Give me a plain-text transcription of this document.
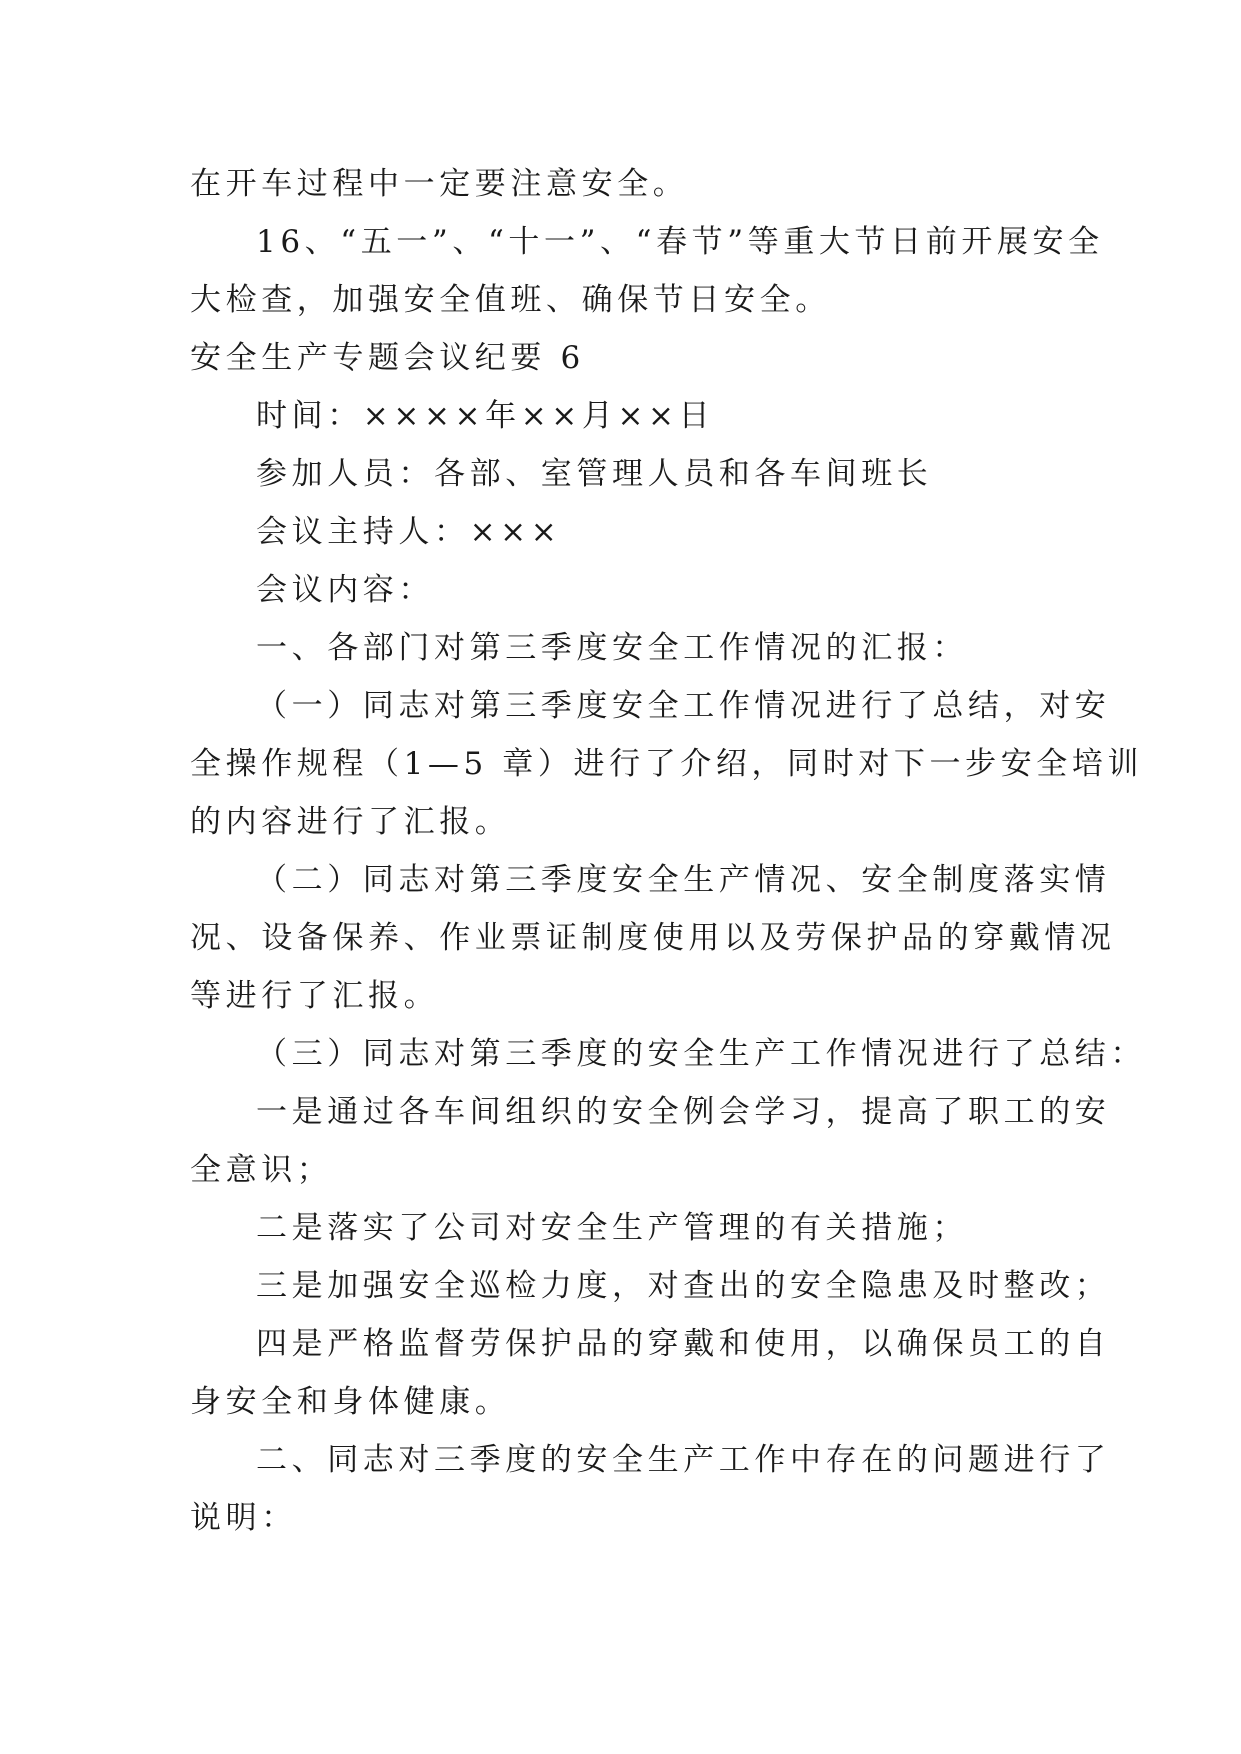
在开车过程中一定要注意安全。
16、“五一”、“十一”、“春节”等重大节日前开展安全
大检查，加强安全值班、确保节日安全。
安全生产专题会议纪要 6
时间：××××年××月××日
参加人员：各部、室管理人员和各车间班长
会议主持人：×××
会议内容：
一、各部门对第三季度安全工作情况的汇报：
（一）同志对第三季度安全工作情况进行了总结，对安
全操作规程（1—5 章）进行了介绍，同时对下一步安全培训
的内容进行了汇报。
（二）同志对第三季度安全生产情况、安全制度落实情
况、设备保养、作业票证制度使用以及劳保护品的穿戴情况
等进行了汇报。
（三）同志对第三季度的安全生产工作情况进行了总结：
一是通过各车间组织的安全例会学习，提高了职工的安
全意识；
二是落实了公司对安全生产管理的有关措施；
三是加强安全巡检力度，对查出的安全隐患及时整改；
四是严格监督劳保护品的穿戴和使用，以确保员工的自
身安全和身体健康。
二、同志对三季度的安全生产工作中存在的问题进行了
说明：
